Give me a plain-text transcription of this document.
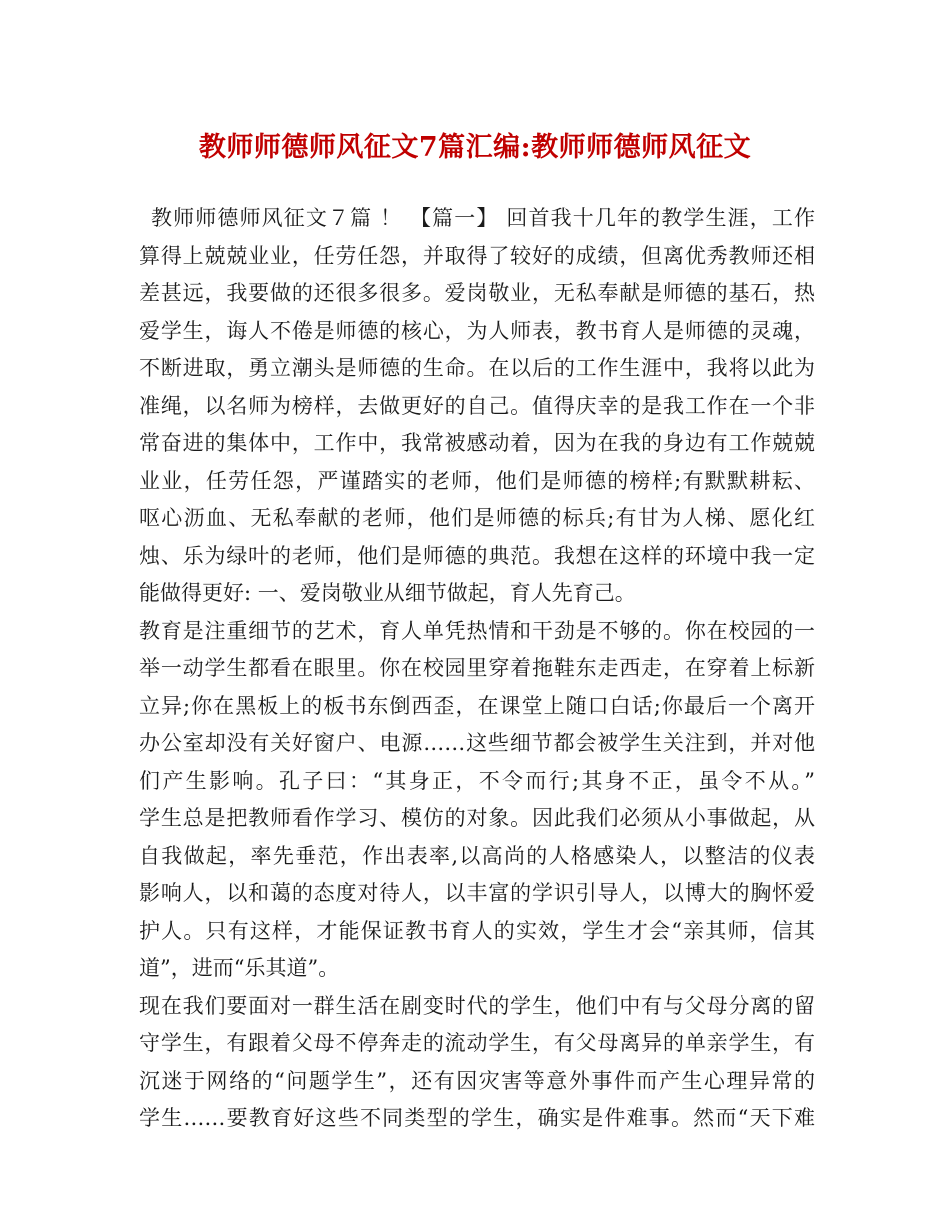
教师师德师风征文7篇汇编:教师师德师风征文
教师师德师风征文７篇 ！ 【篇一】 回首我十几年的教学生涯，工作
算得上兢兢业业，任劳任怨，并取得了较好的成绩，但离优秀教师还相
差甚远，我要做的还很多很多。爱岗敬业，无私奉献是师德的基石，热
爱学生，诲人不倦是师德的核心，为人师表，教书育人是师德的灵魂，
不断进取，勇立潮头是师德的生命。在以后的工作生涯中，我将以此为
准绳，以名师为榜样，去做更好的自己。值得庆幸的是我工作在一个非
常奋进的集体中，工作中，我常被感动着，因为在我的身边有工作兢兢
业业，任劳任怨，严谨踏实的老师，他们是师德的榜样;有默默耕耘、
呕心沥血、无私奉献的老师，他们是师德的标兵;有甘为人梯、愿化红
烛、乐为绿叶的老师，他们是师德的典范。我想在这样的环境中我一定
能做得更好: 一、爱岗敬业从细节做起，育人先育己。
教育是注重细节的艺术，育人单凭热情和干劲是不够的。你在校园的一
举一动学生都看在眼里。你在校园里穿着拖鞋东走西走，在穿着上标新
立异;你在黑板上的板书东倒西歪，在课堂上随口白话;你最后一个离开
办公室却没有关好窗户、电源……这些细节都会被学生关注到，并对他
们产生影响。孔子曰：“其身正，不令而行;其身不正，虽令不从。”
学生总是把教师看作学习、模仿的对象。因此我们必须从小事做起，从
自我做起，率先垂范，作出表率,以高尚的人格感染人，以整洁的仪表
影响人，以和蔼的态度对待人，以丰富的学识引导人，以博大的胸怀爱
护人。只有这样，才能保证教书育人的实效，学生才会“亲其师，信其
道”，进而“乐其道”。
现在我们要面对一群生活在剧变时代的学生，他们中有与父母分离的留
守学生，有跟着父母不停奔走的流动学生，有父母离异的单亲学生，有
沉迷于网络的“问题学生”，还有因灾害等意外事件而产生心理异常的
学生……要教育好这些不同类型的学生，确实是件难事。然而“天下难
